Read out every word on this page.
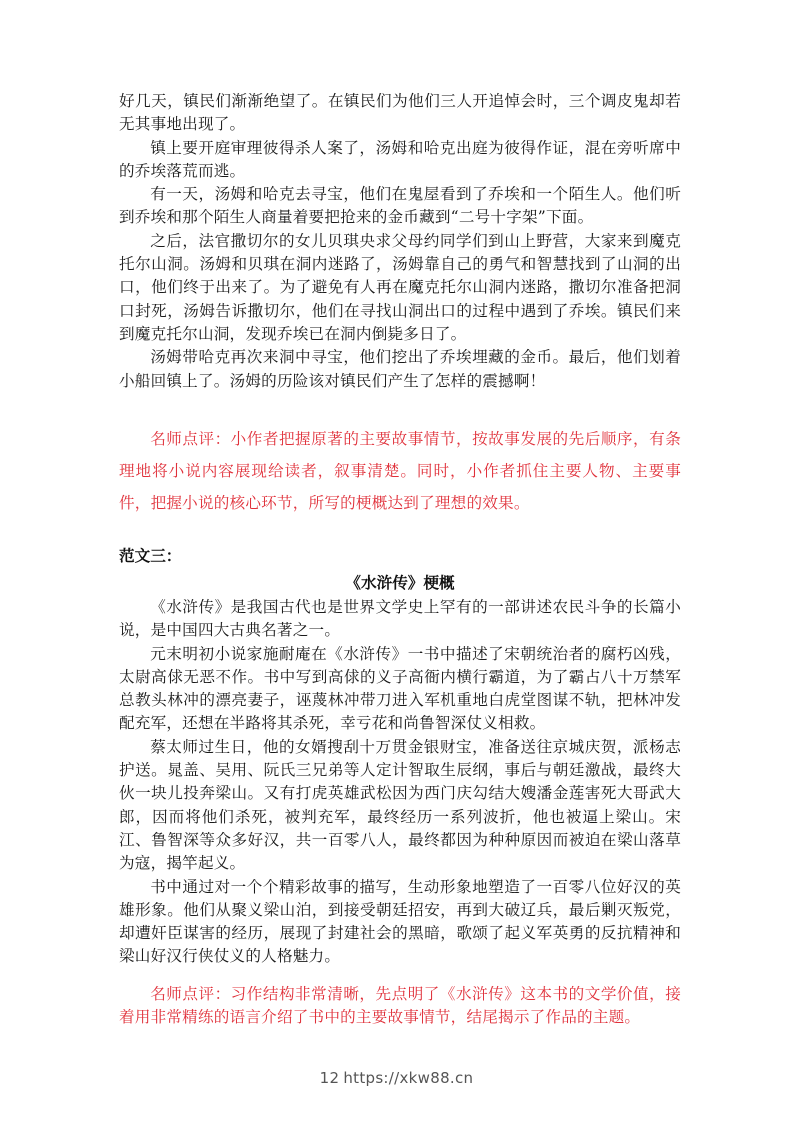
好几天，镇民们渐渐绝望了。在镇民们为他们三人开追悼会时，三个调皮鬼却若无其事地出现了。

镇上要开庭审理彼得杀人案了，汤姆和哈克出庭为彼得作证，混在旁听席中的乔埃落荒而逃。

有一天，汤姆和哈克去寻宝，他们在鬼屋看到了乔埃和一个陌生人。他们听到乔埃和那个陌生人商量着要把抢来的金币藏到“二号十字架”下面。

之后，法官撒切尔的女儿贝琪央求父母约同学们到山上野营，大家来到魔克托尔山洞。汤姆和贝琪在洞内迷路了，汤姆靠自己的勇气和智慧找到了山洞的出口，他们终于出来了。为了避免有人再在魔克托尔山洞内迷路，撒切尔准备把洞口封死，汤姆告诉撒切尔，他们在寻找山洞出口的过程中遇到了乔埃。镇民们来到魔克托尔山洞，发现乔埃已在洞内倒毙多日了。

汤姆带哈克再次来洞中寻宝，他们挖出了乔埃埋藏的金币。最后，他们划着小船回镇上了。汤姆的历险该对镇民们产生了怎样的震撼啊！

名师点评：小作者把握原著的主要故事情节，按故事发展的先后顺序，有条理地将小说内容展现给读者，叙事清楚。同时，小作者抓住主要人物、主要事件，把握小说的核心环节，所写的梗概达到了理想的效果。

范文三：
《水浒传》梗概

《水浒传》是我国古代也是世界文学史上罕有的一部讲述农民斗争的长篇小说，是中国四大古典名著之一。

元末明初小说家施耐庵在《水浒传》一书中描述了宋朝统治者的腐朽凶残，太尉高俅无恶不作。书中写到高俅的义子高衙内横行霸道，为了霸占八十万禁军总教头林冲的漂亮妻子，诬蔑林冲带刀进入军机重地白虎堂图谋不轨，把林冲发配充军，还想在半路将其杀死，幸亏花和尚鲁智深仗义相救。

蔡太师过生日，他的女婿搜刮十万贯金银财宝，准备送往京城庆贺，派杨志护送。晁盖、吴用、阮氏三兄弟等人定计智取生辰纲，事后与朝廷激战，最终大伙一块儿投奔梁山。又有打虎英雄武松因为西门庆勾结大嫂潘金莲害死大哥武大郎，因而将他们杀死，被判充军，最终经历一系列波折，他也被逼上梁山。宋江、鲁智深等众多好汉，共一百零八人，最终都因为种种原因而被迫在梁山落草为寇，揭竿起义。

书中通过对一个个精彩故事的描写，生动形象地塑造了一百零八位好汉的英雄形象。他们从聚义梁山泊，到接受朝廷招安，再到大破辽兵，最后剿灭叛党，却遭奸臣谋害的经历，展现了封建社会的黑暗，歌颂了起义军英勇的反抗精神和梁山好汉行侠仗义的人格魅力。

名师点评：习作结构非常清晰，先点明了《水浒传》这本书的文学价值，接着用非常精练的语言介绍了书中的主要故事情节，结尾揭示了作品的主题。

12 https://xkw88.cn
